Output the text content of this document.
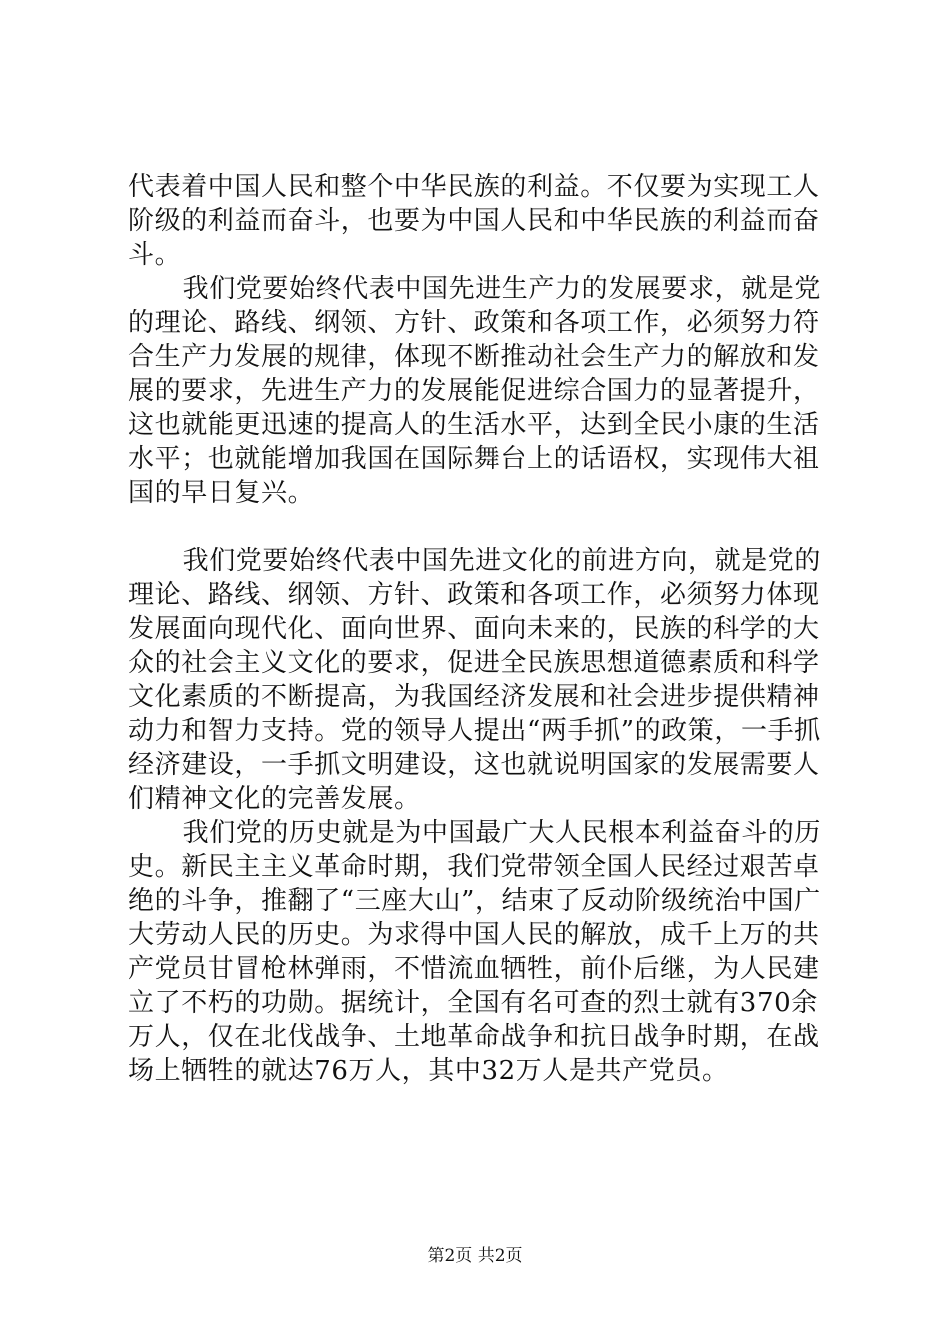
代表着中国人民和整个中华民族的利益。不仅要为实现工人阶级的利益而奋斗，也要为中国人民和中华民族的利益而奋斗。

我们党要始终代表中国先进生产力的发展要求，就是党的理论、路线、纲领、方针、政策和各项工作，必须努力符合生产力发展的规律，体现不断推动社会生产力的解放和发展的要求，先进生产力的发展能促进综合国力的显著提升，这也就能更迅速的提高人的生活水平，达到全民小康的生活水平；也就能增加我国在国际舞台上的话语权，实现伟大祖国的早日复兴。

我们党要始终代表中国先进文化的前进方向，就是党的理论、路线、纲领、方针、政策和各项工作，必须努力体现发展面向现代化、面向世界、面向未来的，民族的科学的大众的社会主义文化的要求，促进全民族思想道德素质和科学文化素质的不断提高，为我国经济发展和社会进步提供精神动力和智力支持。党的领导人提出“两手抓”的政策，一手抓经济建设，一手抓文明建设，这也就说明国家的发展需要人们精神文化的完善发展。

我们党的历史就是为中国最广大人民根本利益奋斗的历史。新民主主义革命时期，我们党带领全国人民经过艰苦卓绝的斗争，推翻了“三座大山”，结束了反动阶级统治中国广大劳动人民的历史。为求得中国人民的解放，成千上万的共产党员甘冒枪林弹雨，不惜流血牺牲，前仆后继，为人民建立了不朽的功勋。据统计，全国有名可查的烈士就有370余万人，仅在北伐战争、土地革命战争和抗日战争时期，在战场上牺牲的就达76万人，其中32万人是共产党员。

第2页 共2页
